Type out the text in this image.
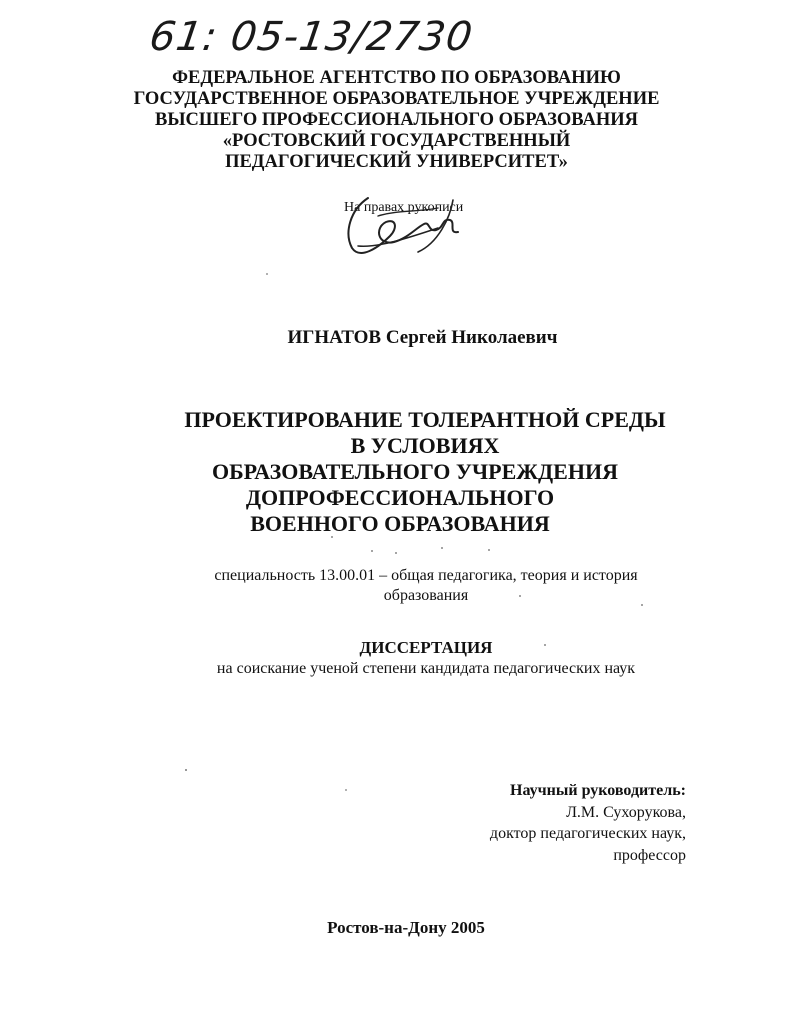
61: 05-13/2730
ФЕДЕРАЛЬНОЕ АГЕНТСТВО ПО ОБРАЗОВАНИЮ
ГОСУДАРСТВЕННОЕ ОБРАЗОВАТЕЛЬНОЕ УЧРЕЖДЕНИЕ
ВЫСШЕГО ПРОФЕССИОНАЛЬНОГО ОБРАЗОВАНИЯ
«РОСТОВСКИЙ ГОСУДАРСТВЕННЫЙ
ПЕДАГОГИЧЕСКИЙ УНИВЕРСИТЕТ»
На правах рукописи
ИГНАТОВ Сергей Николаевич
ПРОЕКТИРОВАНИЕ ТОЛЕРАНТНОЙ СРЕДЫ
В УСЛОВИЯХ
ОБРАЗОВАТЕЛЬНОГО УЧРЕЖДЕНИЯ
ДОПРОФЕССИОНАЛЬНОГО
ВОЕННОГО ОБРАЗОВАНИЯ
специальность 13.00.01 – общая педагогика, теория и история
образования
ДИССЕРТАЦИЯ
на соискание ученой степени кандидата педагогических наук
Научный руководитель:
Л.М. Сухорукова,
доктор педагогических наук,
профессор
Ростов-на-Дону 2005
